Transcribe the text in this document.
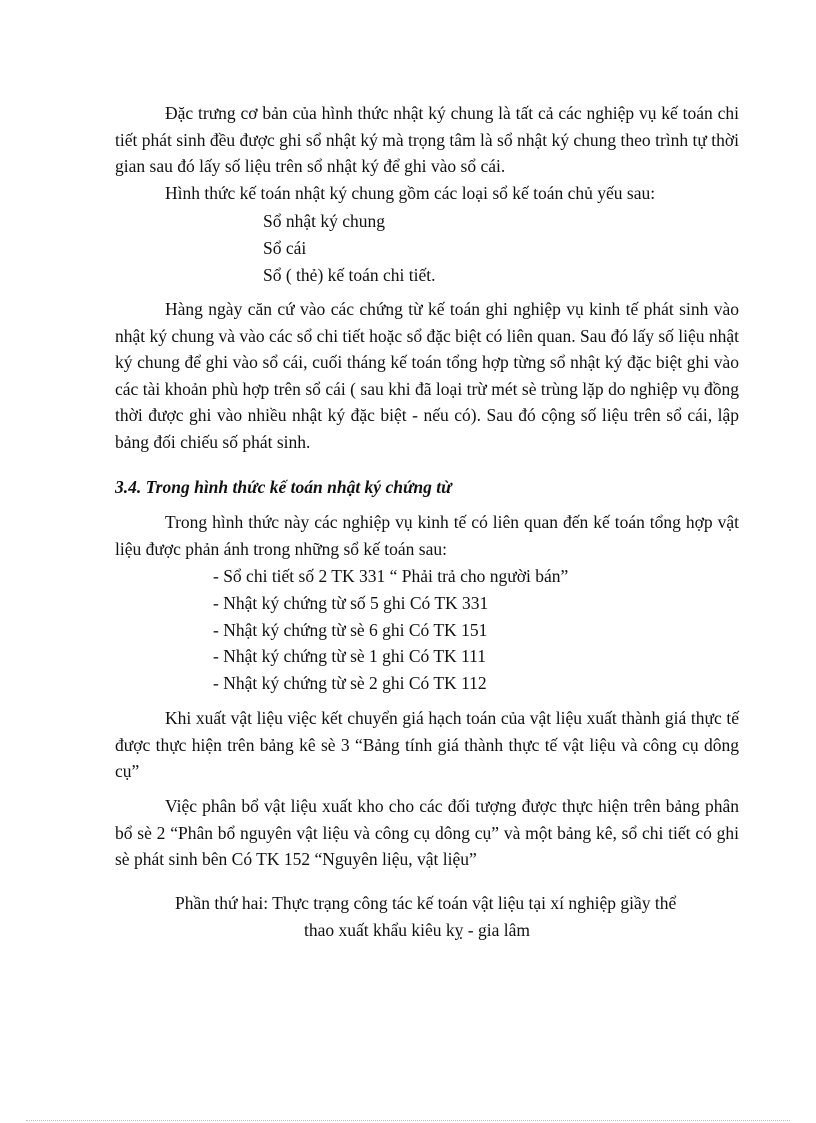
Đặc trưng cơ bản của hình thức nhật ký chung là tất cả các nghiệp vụ kế toán chi tiết phát sinh đều được ghi sổ nhật ký mà trọng tâm là sổ nhật ký chung theo trình tự thời gian sau đó lấy số liệu trên sổ nhật ký để ghi vào sổ cái.

Hình thức kế toán nhật ký chung gồm các loại sổ kế toán chủ yếu sau:

Sổ nhật ký chung

Sổ cái

Sổ ( thẻ) kế toán chi tiết.

Hàng ngày căn cứ vào các chứng từ kế toán ghi nghiệp vụ kinh tế phát sinh vào nhật ký chung và vào các sổ chi tiết hoặc sổ đặc biệt có liên quan. Sau đó lấy số liệu nhật ký chung để ghi vào sổ cái, cuối tháng kế toán tổng hợp từng sổ nhật ký đặc biệt ghi vào các tài khoản phù hợp trên sổ cái ( sau khi đã loại trừ mét sè trùng lặp do nghiệp vụ đồng thời được ghi vào nhiều nhật ký đặc biệt - nếu có). Sau đó cộng số liệu trên sổ cái, lập bảng đối chiếu số phát sinh.

3.4. Trong hình thức kế toán nhật ký chứng từ

Trong hình thức này các nghiệp vụ kinh tế có liên quan đến kế toán tổng hợp vật liệu được phản ánh trong những sổ kế toán sau:

- Sổ chi tiết số 2 TK 331 “ Phải trả cho người bán”

- Nhật ký chứng từ số 5 ghi Có TK 331

- Nhật ký chứng từ sè 6 ghi Có TK 151

- Nhật ký chứng từ sè 1 ghi Có TK 111

- Nhật ký chứng từ sè 2 ghi Có TK 112

Khi xuất vật liệu việc kết chuyển giá hạch toán của vật liệu xuất thành giá thực tế được thực hiện trên bảng kê sè 3 “Bảng tính giá thành thực tế vật liệu và công cụ dông cụ”

Việc phân bổ vật liệu xuất kho cho các đối tượng được thực hiện trên bảng phân bổ sè 2 “Phân bổ nguyên vật liệu và công cụ dông cụ” và một bảng kê, sổ chi tiết có ghi sè phát sinh bên Có TK 152 “Nguyên liệu, vật liệu”

Phần thứ hai: Thực trạng công tác kế toán vật liệu tại xí nghiệp giầy thể

thao xuất khẩu kiêu kỵ - gia lâm
